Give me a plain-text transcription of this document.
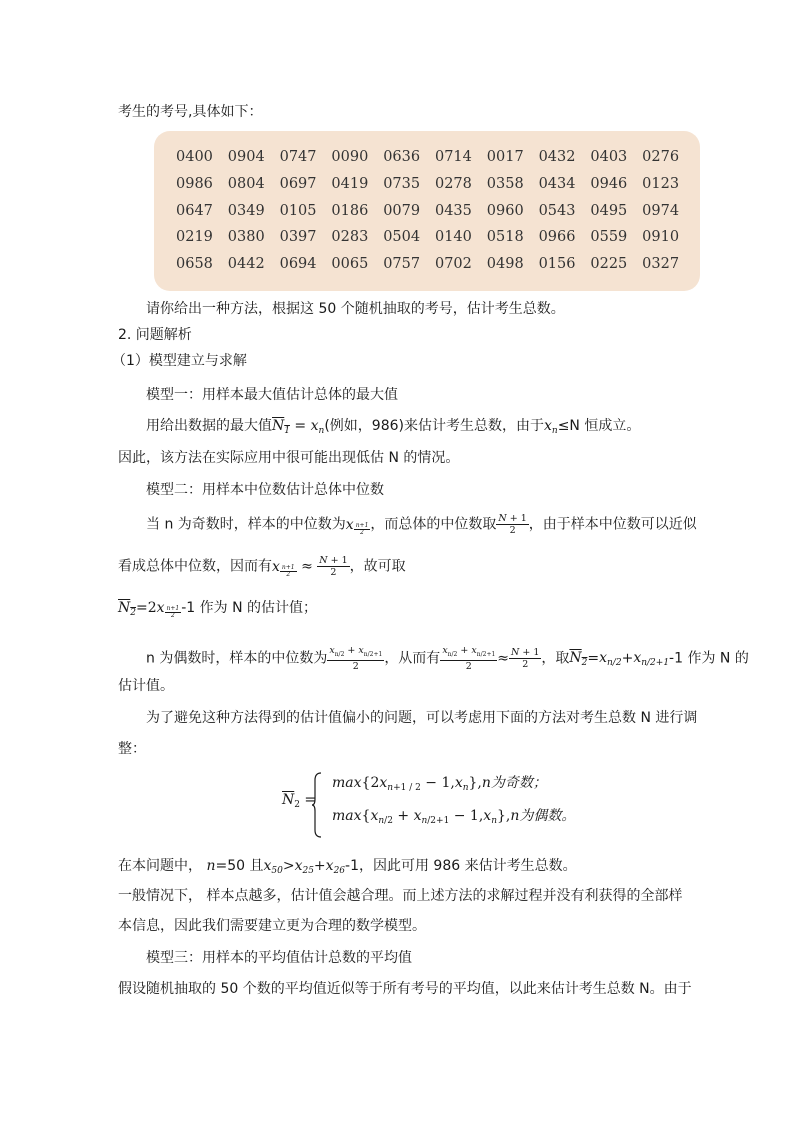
考生的考号,具体如下：
0400	0904	0747	0090	0636	0714	0017	0432	0403	0276
0986	0804	0697	0419	0735	0278	0358	0434	0946	0123
0647	0349	0105	0186	0079	0435	0960	0543	0495	0974
0219	0380	0397	0283	0504	0140	0518	0966	0559	0910
0658	0442	0694	0065	0757	0702	0498	0156	0225	0327
请你给出一种方法，根据这 50 个随机抽取的考号，估计考生总数。
2. 问题解析
（1）模型建立与求解
模型一：用样本最大值估计总体的最大值
用给出数据的最大值$N_1 = x_n$(例如，986)来估计考生总数，由于$x_n\le N$ 恒成立。
因此，该方法在实际应用中很可能出现低估 N 的情况。
模型二：用样本中位数估计总体中位数
当 n 为奇数时，样本的中位数为x $_{\frac{n+1}{2}}$ ，而总体的中位数取 $\frac{N + 1}{2}$ ，由于样本中位数可以近似
看成总体中位数，因而有x $_{\frac{n+1}{2}} \approx \frac{N + 1}{2}$ ，故可取
$N_2=2x$ $_{\frac{n+1}{2}}$ -1 作为 N 的估计值；
n 为偶数时，样本的中位数为 $\frac{x_{n/2} + x_{n/2+1}}{2}$ ，从而有 $\frac{x_{n/2} + x_{n/2+1}}{2} \approx \frac{N + 1}{2}$ ，取$N_2=x_{n/2}+x_{n/2+1}-1$ 作为 N 的
估计值。
为了避免这种方法得到的估计值偏小的问题，可以考虑用下面的方法对考生总数 N 进行调
整：
$\overline{N}_2$ =
$\max\{2x_{n+1 / 2} - 1,x_n\},n$为奇数；
$\max\{x_{n/2} + x_{n/2+1} - 1,x_n\},n$为偶数。
在本问题中， n=50 且$x_{50}>x_{25}+x_{26}-1$，因此可用 986 来估计考生总数。
一般情况下， 样本点越多，估计值会越合理。而上述方法的求解过程并没有利获得的全部样
本信息，因此我们需要建立更为合理的数学模型。
模型三：用样本的平均值估计总数的平均值
假设随机抽取的 50 个数的平均值近似等于所有考号的平均值，以此来估计考生总数 N。由于
